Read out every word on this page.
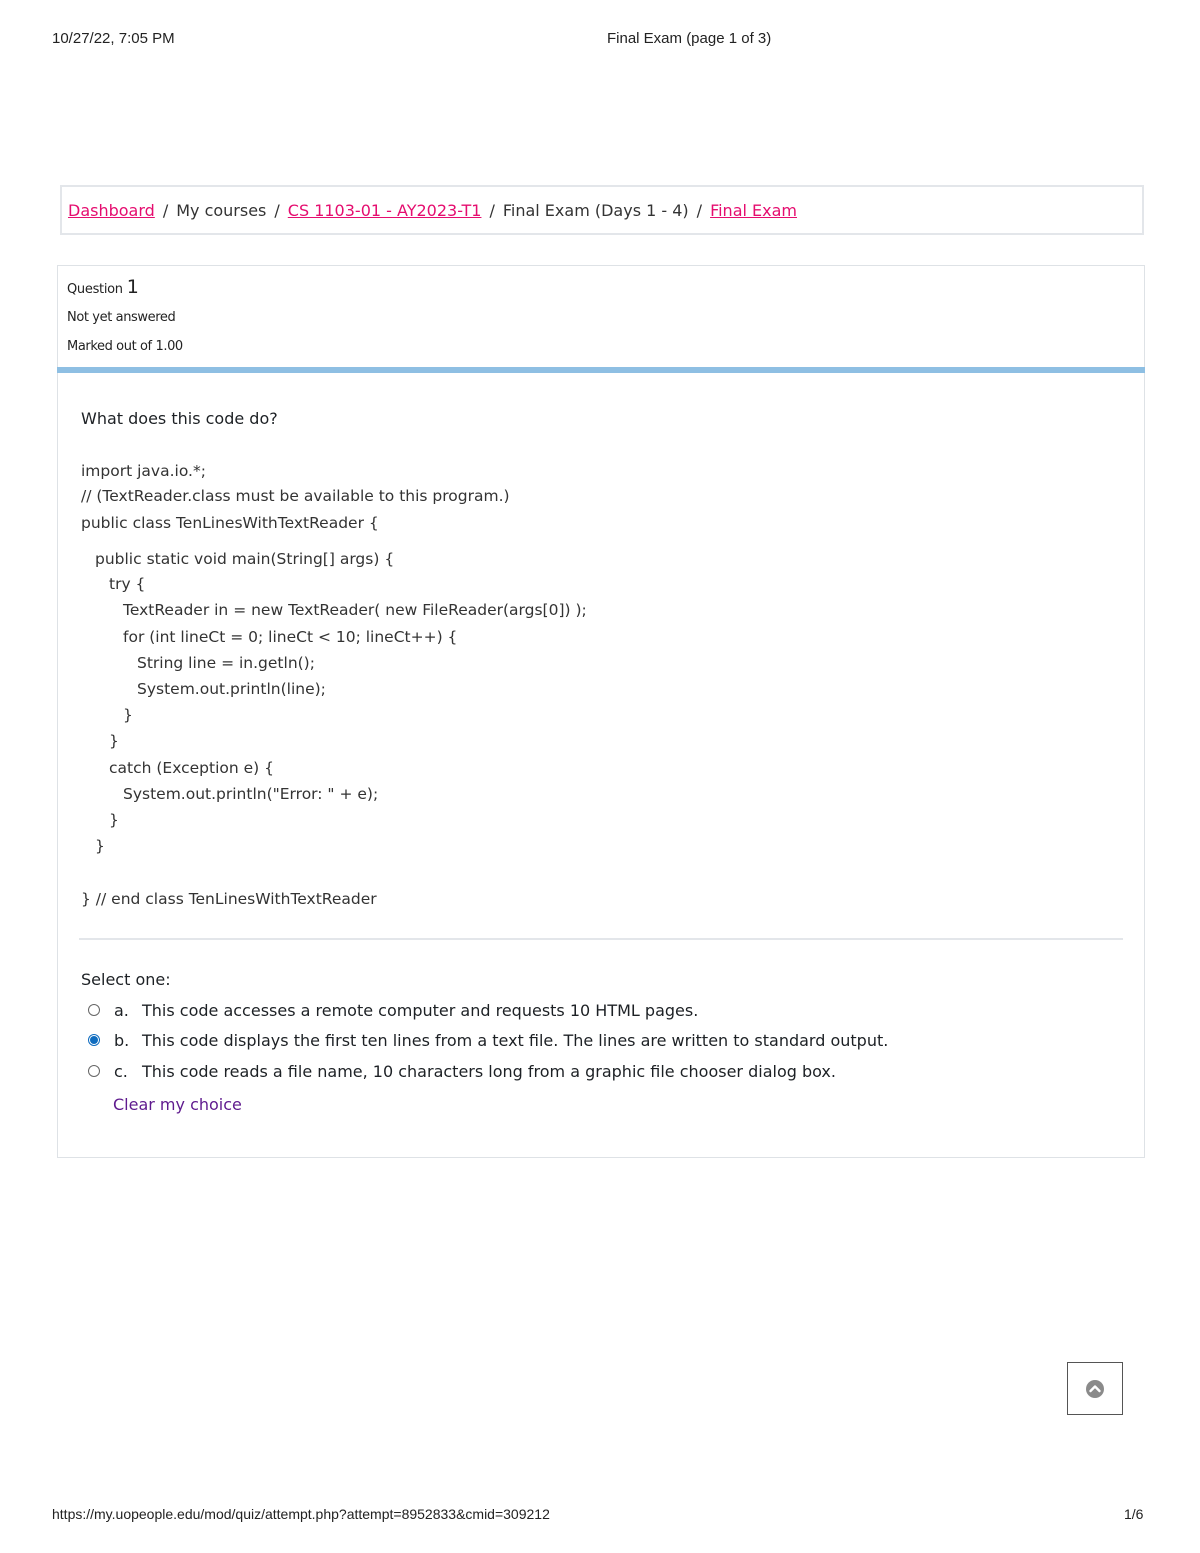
10/27/22, 7:05 PM	Final Exam (page 1 of 3)
Dashboard / My courses / CS 1103-01 - AY2023-T1 / Final Exam (Days 1 - 4) / Final Exam
Question 1
Not yet answered
Marked out of 1.00
What does this code do?
import java.io.*;
// (TextReader.class must be available to this program.)
public class TenLinesWithTextReader {
public static void main(String[] args) {
try {
TextReader in = new TextReader( new FileReader(args[0]) );
for (int lineCt = 0; lineCt < 10; lineCt++) {
String line = in.getln();
System.out.println(line);
}
}
catch (Exception e) {
System.out.println("Error: " + e);
}
}
} // end class TenLinesWithTextReader
Select one:
a. This code accesses a remote computer and requests 10 HTML pages.
b. This code displays the first ten lines from a text file. The lines are written to standard output.
c. This code reads a file name, 10 characters long from a graphic file chooser dialog box.
Clear my choice
https://my.uopeople.edu/mod/quiz/attempt.php?attempt=8952833&cmid=309212	1/6
